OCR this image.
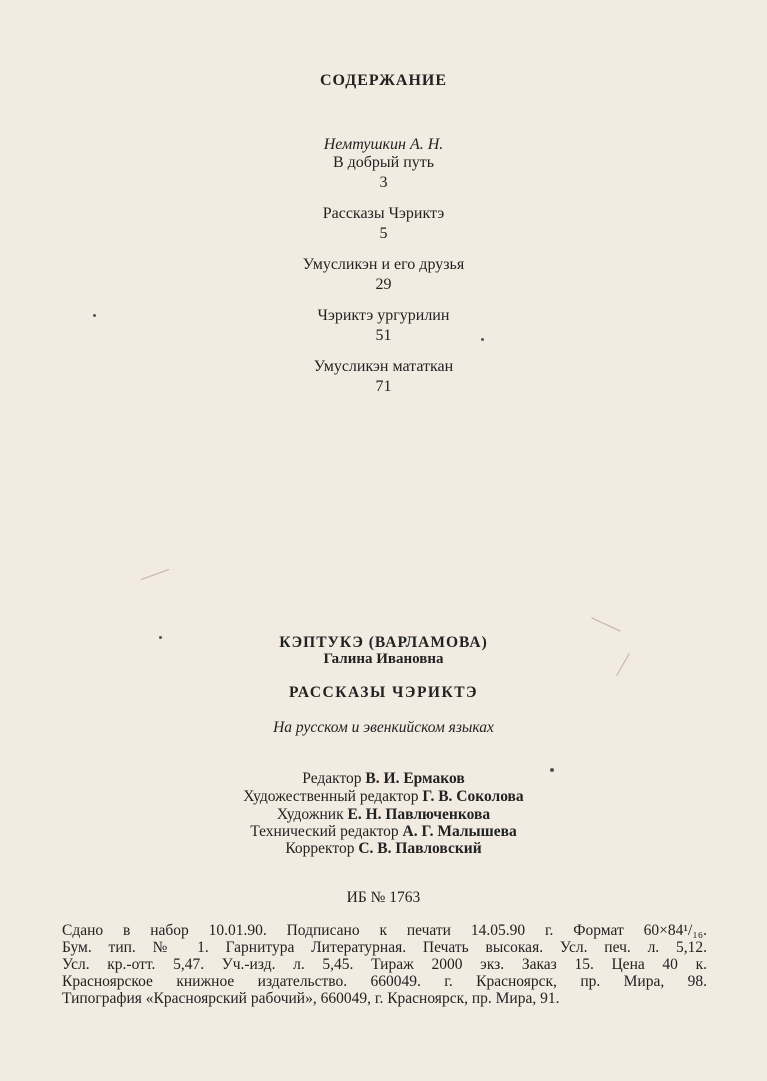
СОДЕРЖАНИЕ
Немтушкин А. Н.
В добрый путь
3
Рассказы Чэриктэ
5
Умусликэн и его друзья
29
Чэриктэ ургурилин
51
Умусликэн мататкан
71
КЭПТУКЭ (ВАРЛАМОВА)
Галина Ивановна
РАССКАЗЫ ЧЭРИКТЭ
На русском и эвенкийском языках
Редактор В. И. Ермаков
Художественный редактор Г. В. Соколова
Художник Е. Н. Павлюченкова
Технический редактор А. Г. Малышева
Корректор С. В. Павловский
ИБ № 1763
Сдано в набор 10.01.90. Подписано к печати 14.05.90 г. Формат 60×84¹/₁₆.
Бум. тип. № 1. Гарнитура Литературная. Печать высокая. Усл. печ. л. 5,12.
Усл. кр.-отт. 5,47. Уч.-изд. л. 5,45. Тираж 2000 экз. Заказ 15. Цена 40 к.
Красноярское книжное издательство. 660049. г. Красноярск, пр. Мира, 98.
Типография «Красноярский рабочий», 660049, г. Красноярск, пр. Мира, 91.
